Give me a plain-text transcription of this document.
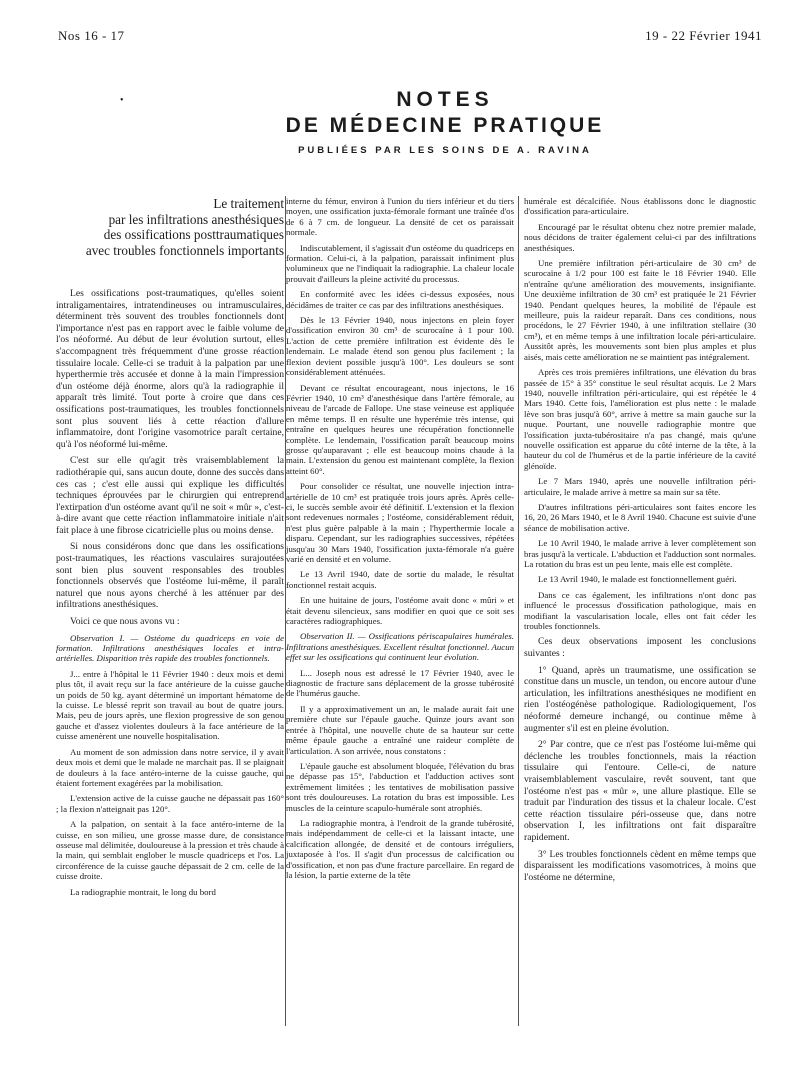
Nos 16 - 17	19 - 22 Février 1941
•	NOTES
DE MÉDECINE PRATIQUE
PUBLIÉES PAR LES SOINS DE A. RAVINA
Le traitement
par les infiltrations anesthésiques
des ossifications posttraumatiques
avec troubles fonctionnels importants

Les ossifications post-traumatiques, qu'elles soient intraligamentaires, intratendineuses ou intramusculaires, déterminent très souvent des troubles fonctionnels dont l'importance n'est pas en rapport avec le faible volume de l'os néoformé. Au début de leur évolution surtout, elles s'accompagnent très fréquemment d'une grosse réaction tissulaire locale. Celle-ci se traduit à la palpation par une hyperthermie très accusée et donne à la main l'impression d'un ostéome déjà énorme, alors qu'à la radiographie il apparaît très limité. Tout porte à croire que dans ces ossifications post-traumatiques, les troubles fonctionnels sont plus souvent liés à cette réaction d'allure inflammatoire, dont l'origine vasomotrice paraît certaine, qu'à l'os néoformé lui-même.

C'est sur elle qu'agit très vraisemblablement la radiothérapie qui, sans aucun doute, donne des succès dans ces cas ; c'est elle aussi qui explique les difficultés techniques éprouvées par le chirurgien qui entreprend l'extirpation d'un ostéome avant qu'il ne soit « mûr », c'est-à-dire avant que cette réaction inflammatoire initiale n'ait fait place à une fibrose cicatricielle plus ou moins dense.

Si nous considérons donc que dans les ossifications post-traumatiques, les réactions vasculaires surajoutées sont bien plus souvent responsables des troubles fonctionnels observés que l'ostéome lui-même, il paraît naturel que nous ayons cherché à les atténuer par des infiltrations anesthésiques.

Voici ce que nous avons vu :

Observation I. — Ostéome du quadriceps en voie de formation. Infiltrations anesthésiques locales et intra-artérielles. Disparition très rapide des troubles fonctionnels.

J... entre à l'hôpital le 11 Février 1940 : deux mois et demi plus tôt, il avait reçu sur la face antérieure de la cuisse gauche un poids de 50 kg. ayant déterminé un important hématome de la cuisse. Le blessé reprit son travail au bout de quatre jours. Mais, peu de jours après, une flexion progressive de son genou gauche et d'assez violentes douleurs à la face antérieure de la cuisse amenèrent une nouvelle hospitalisation.

Au moment de son admission dans notre service, il y avait deux mois et demi que le malade ne marchait pas. Il se plaignait de douleurs à la face antéro-interne de la cuisse gauche, qui étaient fortement exagérées par la mobilisation.

L'extension active de la cuisse gauche ne dépassait pas 160° ; la flexion n'atteignait pas 120°.

A la palpation, on sentait à la face antéro-interne de la cuisse, en son milieu, une grosse masse dure, de consistance osseuse mal délimitée, douloureuse à la pression et très chaude à la main, qui semblait englober le muscle quadriceps et l'os. La circonférence de la cuisse gauche dépassait de 2 cm. celle de la cuisse droite.

La radiographie montrait, le long du bord

interne du fémur, environ à l'union du tiers inférieur et du tiers moyen, une ossification juxta-fémorale formant une traînée d'os de 6 à 7 cm. de longueur. La densité de cet os paraissait normale.

Indiscutablement, il s'agissait d'un ostéome du quadriceps en formation. Celui-ci, à la palpation, paraissait infiniment plus volumineux que ne l'indiquait la radiographie. La chaleur locale prouvait d'ailleurs la pleine activité du processus.

En conformité avec les idées ci-dessus exposées, nous décidâmes de traiter ce cas par des infiltrations anesthésiques.

Dès le 13 Février 1940, nous injectons en plein foyer d'ossification environ 30 cm³ de scurocaïne à 1 pour 100. L'action de cette première infiltration est évidente dès le lendemain. Le malade étend son genou plus facilement ; la flexion devient possible jusqu'à 100°. Les douleurs se sont considérablement atténuées.

Devant ce résultat encourageant, nous injectons, le 16 Février 1940, 10 cm³ d'anesthésique dans l'artère fémorale, au niveau de l'arcade de Fallope. Une stase veineuse est appliquée en même temps. Il en résulte une hyperémie très intense, qui entraîne en quelques heures une récupération fonctionnelle complète. Le lendemain, l'ossification paraît beaucoup moins grosse qu'auparavant ; elle est beaucoup moins chaude à la main. L'extension du genou est maintenant complète, la flexion atteint 60°.

Pour consolider ce résultat, une nouvelle injection intra-artérielle de 10 cm³ est pratiquée trois jours après. Après celle-ci, le succès semble avoir été définitif. L'extension et la flexion sont redevenues normales ; l'ostéome, considérablement réduit, n'est plus guère palpable à la main ; l'hyperthermie locale a disparu. Cependant, sur les radiographies successives, répétées jusqu'au 30 Mars 1940, l'ossification juxta-fémorale n'a guère varié en densité et en volume.

Le 13 Avril 1940, date de sortie du malade, le résultat fonctionnel restait acquis.

En une huitaine de jours, l'ostéome avait donc « mûri » et était devenu silencieux, sans modifier en quoi que ce soit ses caractères radiographiques.

Observation II. — Ossifications périscapulaires humérales. Infiltrations anesthésiques. Excellent résultat fonctionnel. Aucun effet sur les ossifications qui continuent leur évolution.

L... Joseph nous est adressé le 17 Février 1940, avec le diagnostic de fracture sans déplacement de la grosse tubérosité de l'humérus gauche.

Il y a approximativement un an, le malade aurait fait une première chute sur l'épaule gauche. Quinze jours avant son entrée à l'hôpital, une nouvelle chute de sa hauteur sur cette même épaule gauche a entraîné une raideur complète de l'articulation. A son arrivée, nous constatons :

L'épaule gauche est absolument bloquée, l'élévation du bras ne dépasse pas 15°, l'abduction et l'adduction actives sont extrêmement limitées ; les tentatives de mobilisation passive sont très douloureuses. La rotation du bras est impossible. Les muscles de la ceinture scapulo-humérale sont atrophiés.

La radiographie montra, à l'endroit de la grande tubérosité, mais indépendamment de celle-ci et la laissant intacte, une calcification allongée, de densité et de contours irréguliers, juxtaposée à l'os. Il s'agit d'un processus de calcification ou d'ossification, et non pas d'une fracture parcellaire. En regard de la lésion, la partie externe de la tête

humérale est décalcifiée. Nous établissons donc le diagnostic d'ossification para-articulaire.

Encouragé par le résultat obtenu chez notre premier malade, nous décidons de traiter également celui-ci par des infiltrations anesthésiques.

Une première infiltration péri-articulaire de 30 cm³ de scurocaïne à 1/2 pour 100 est faite le 18 Février 1940. Elle n'entraîne qu'une amélioration des mouvements, insignifiante. Une deuxième infiltration de 30 cm³ est pratiquée le 21 Février 1940. Pendant quelques heures, la mobilité de l'épaule est meilleure, puis la raideur reparaît. Dans ces conditions, nous procédons, le 27 Février 1940, à une infiltration stellaire (30 cm³), et en même temps à une infiltration locale péri-articulaire. Aussitôt après, les mouvements sont bien plus amples et plus aisés, mais cette amélioration ne se maintient pas intégralement.

Après ces trois premières infiltrations, une élévation du bras passée de 15° à 35° constitue le seul résultat acquis. Le 2 Mars 1940, nouvelle infiltration péri-articulaire, qui est répétée le 4 Mars 1940. Cette fois, l'amélioration est plus nette : le malade lève son bras jusqu'à 60°, arrive à mettre sa main gauche sur la nuque. Pourtant, une nouvelle radiographie montre que l'ossification juxta-tubérositaire n'a pas changé, mais qu'une nouvelle ossification est apparue du côté interne de la tête, à la hauteur du col de l'humérus et de la partie inférieure de la cavité glénoïde.

Le 7 Mars 1940, après une nouvelle infiltration péri-articulaire, le malade arrive à mettre sa main sur sa tête.

D'autres infiltrations péri-articulaires sont faites encore les 16, 20, 26 Mars 1940, et le 8 Avril 1940. Chacune est suivie d'une séance de mobilisation active.

Le 10 Avril 1940, le malade arrive à lever complètement son bras jusqu'à la verticale. L'abduction et l'adduction sont normales. La rotation du bras est un peu lente, mais elle est complète.

Le 13 Avril 1940, le malade est fonctionnellement guéri.

Dans ce cas également, les infiltrations n'ont donc pas influencé le processus d'ossification pathologique, mais en modifiant la vascularisation locale, elles ont fait céder les troubles fonctionnels.

Ces deux observations imposent les conclusions suivantes :

1° Quand, après un traumatisme, une ossification se constitue dans un muscle, un tendon, ou encore autour d'une articulation, les infiltrations anesthésiques ne modifient en rien l'ostéogénèse pathologique. Radiologiquement, l'os néoformé demeure inchangé, ou continue même à augmenter s'il est en pleine évolution.

2° Par contre, que ce n'est pas l'ostéome lui-même qui déclenche les troubles fonctionnels, mais la réaction tissulaire qui l'entoure. Celle-ci, de nature vraisemblablement vasculaire, revêt souvent, tant que l'ostéome n'est pas « mûr », une allure plastique. Elle se traduit par l'induration des tissus et la chaleur locale. C'est cette réaction tissulaire péri-osseuse que, dans notre observation I, les infiltrations ont fait disparaître rapidement.

3° Les troubles fonctionnels cèdent en même temps que disparaissent les modifications vasomotrices, à moins que l'ostéome ne détermine,
